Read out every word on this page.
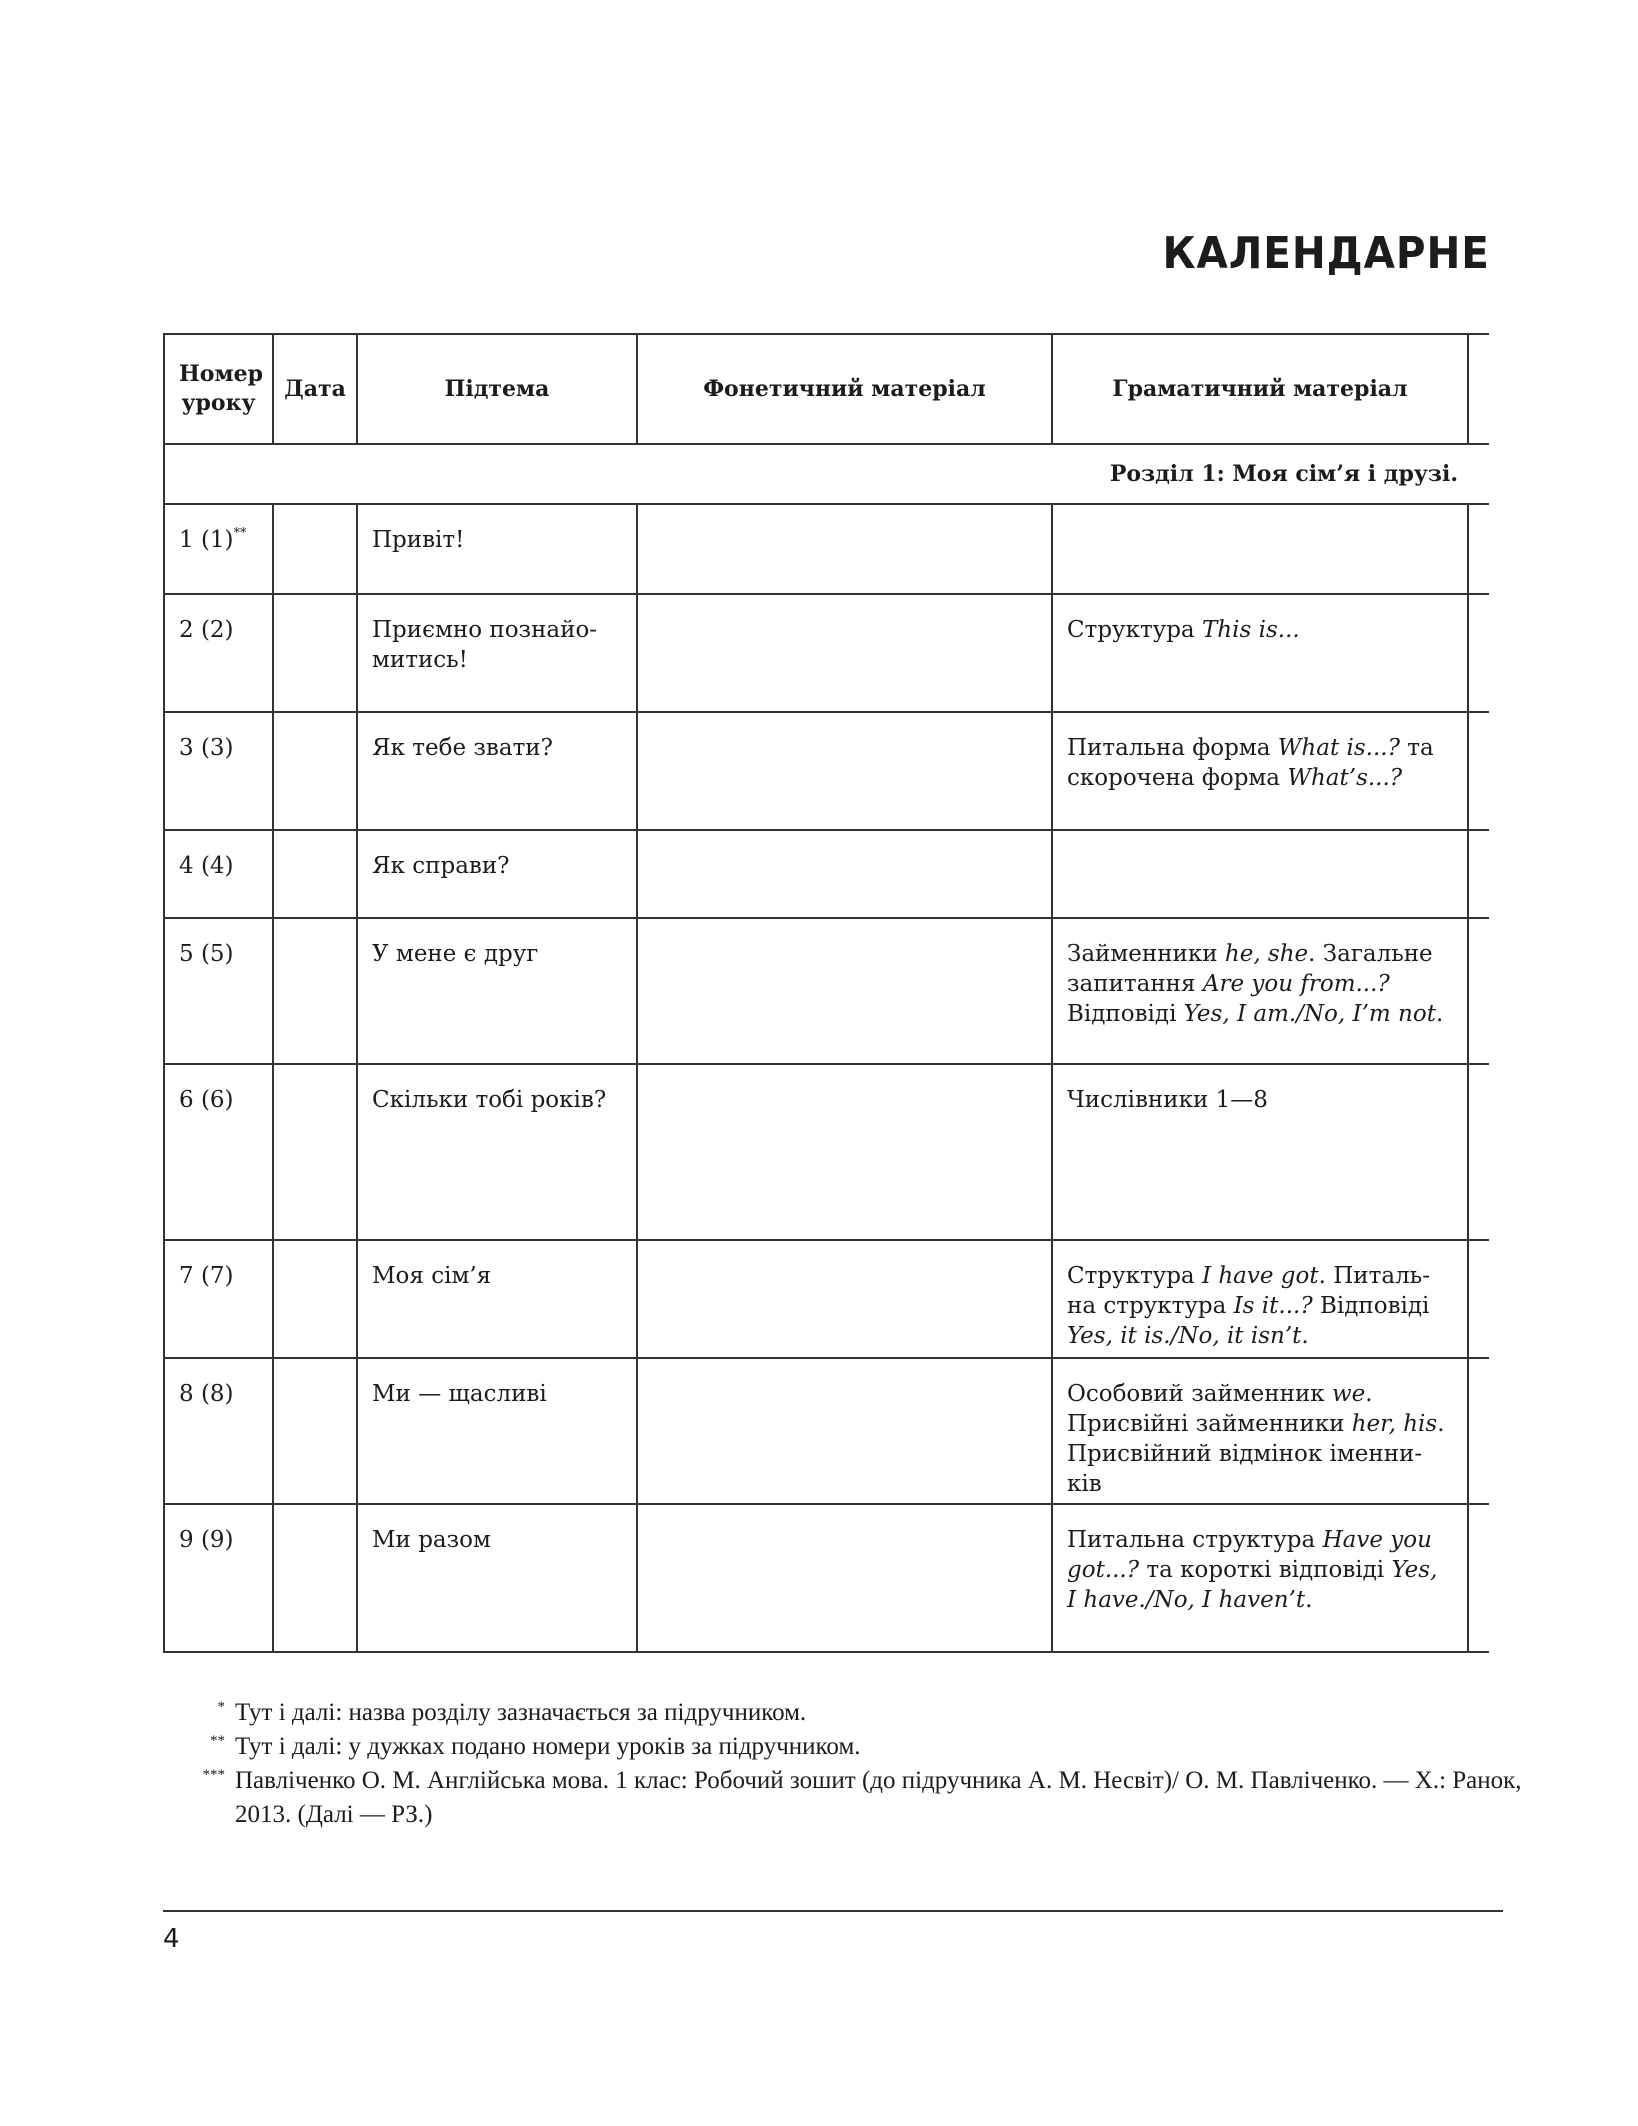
КАЛЕНДАРНЕ
Номер уроку	Дата	Підтема	Фонетичний матеріал	Граматичний матеріал	
Розділ 1: Моя сім’я і друзі.					
1 (1)**		Привіт!			
2 (2)		Приємно познайо-митись!		Структура This is...	
3 (3)		Як тебе звати?		Питальна форма What is...? та скорочена форма What’s...?	
4 (4)		Як справи?			
5 (5)		У мене є друг		Займенники he, she. Загальне запитання Are you from...? Відповіді Yes, I am./No, I’m not.	
6 (6)		Скільки тобі років?		Числівники 1—8	
7 (7)		Моя сім’я		Структура I have got. Питаль-на структура Is it...? Відповіді Yes, it is./No, it isn’t.	
8 (8)		Ми — щасливі		Особовий займенник we. Присвійні займенники her, his. Присвійний відмінок іменни-ків	
9 (9)		Ми разом		Питальна структура Have you got...? та короткі відповіді Yes, I have./No, I haven’t.	
* Тут і далі: назва розділу зазначається за підручником.
** Тут і далі: у дужках подано номери уроків за підручником.
*** Павліченко О. М. Англійська мова. 1 клас: Робочий зошит (до підручника А. М. Несвіт)/ О. М. Павліченко. — Х.: Ранок, 2013. (Далі — РЗ.)
4
